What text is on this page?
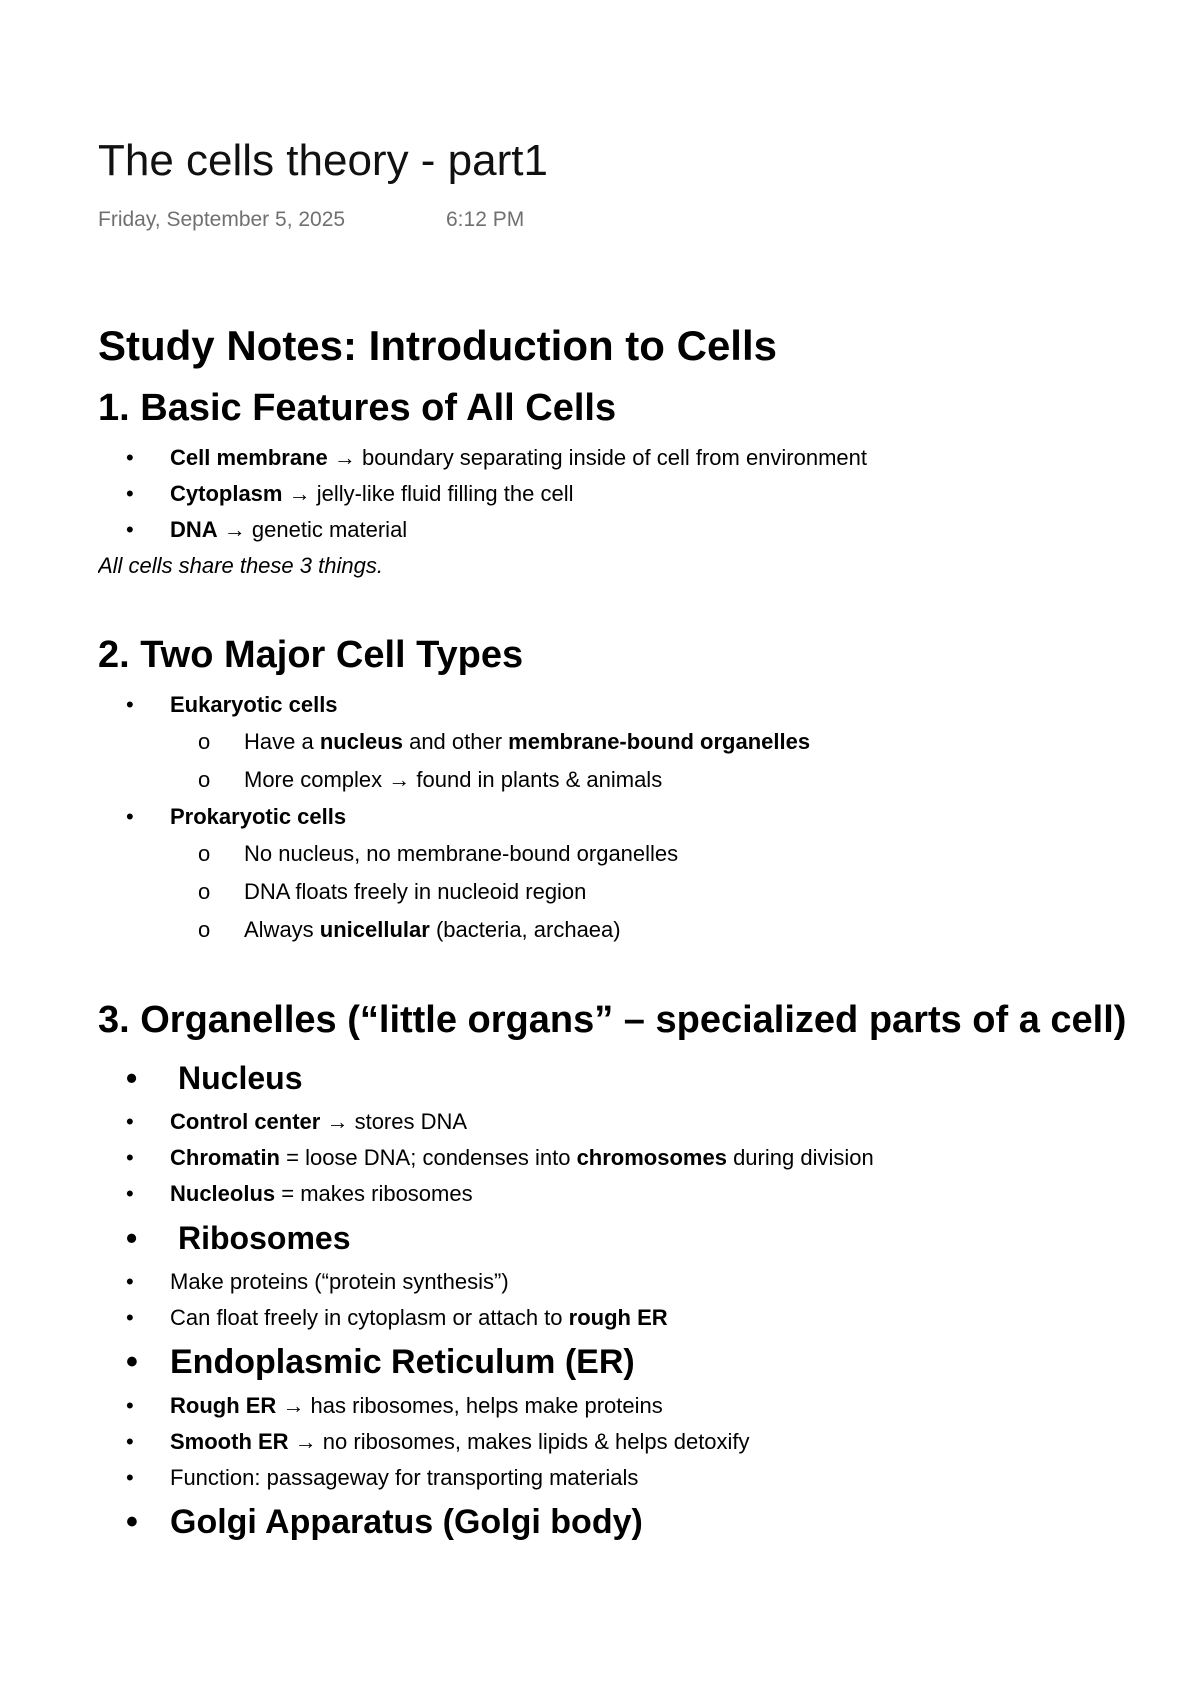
The cells theory - part1
Friday, September 5, 2025	6:12 PM
Study Notes: Introduction to Cells
1. Basic Features of All Cells
• Cell membrane → boundary separating inside of cell from environment
• Cytoplasm → jelly-like fluid filling the cell
• DNA → genetic material
All cells share these 3 things.
2. Two Major Cell Types
• Eukaryotic cells
o Have a nucleus and other membrane-bound organelles
o More complex → found in plants & animals
• Prokaryotic cells
o No nucleus, no membrane-bound organelles
o DNA floats freely in nucleoid region
o Always unicellular (bacteria, archaea)
3. Organelles (“little organs” – specialized parts of a cell)
• Nucleus
• Control center → stores DNA
• Chromatin = loose DNA; condenses into chromosomes during division
• Nucleolus = makes ribosomes
• Ribosomes
• Make proteins (“protein synthesis”)
• Can float freely in cytoplasm or attach to rough ER
• Endoplasmic Reticulum (ER)
• Rough ER → has ribosomes, helps make proteins
• Smooth ER → no ribosomes, makes lipids & helps detoxify
• Function: passageway for transporting materials
• Golgi Apparatus (Golgi body)
